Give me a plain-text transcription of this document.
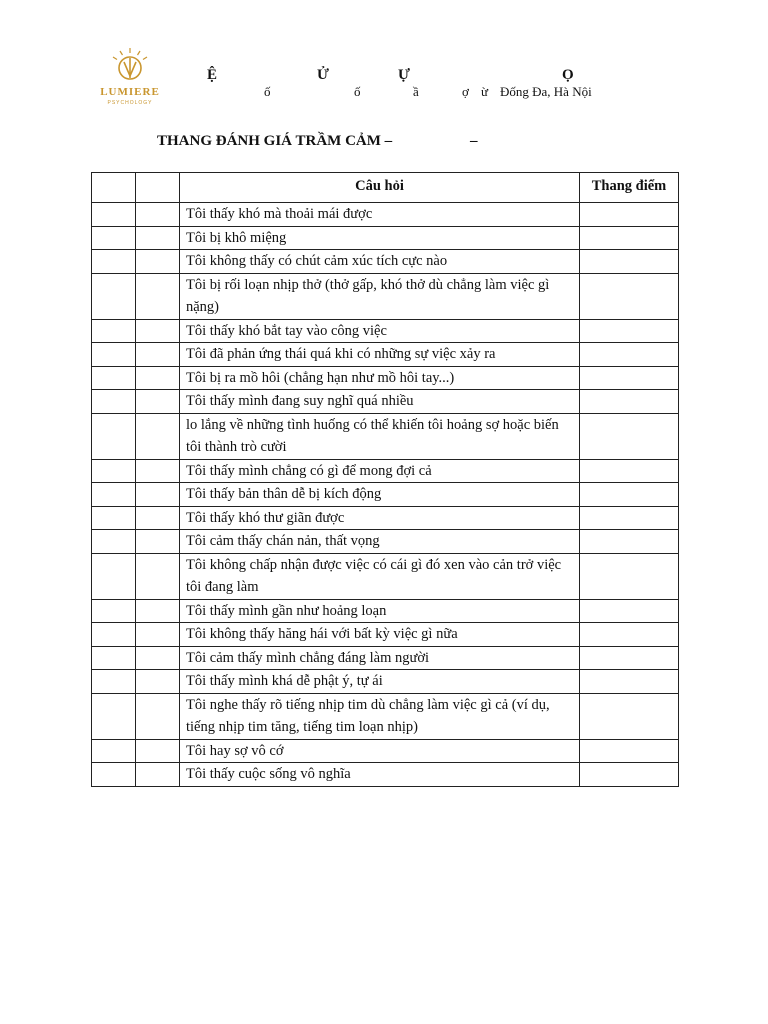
LUMIERE
PSYCHOLOGY
Ệ	Ử	Ự	Ọ
ố	ố	ầ	ợ ừ Đống Đa, Hà Nội
THANG ĐÁNH GIÁ TRẦM CẢM –	–
		Câu hỏi	Thang điểm
		Tôi thấy khó mà thoải mái được	
		Tôi bị khô miệng	
		Tôi không thấy có chút cảm xúc tích cực nào	
		Tôi bị rối loạn nhịp thở (thở gấp, khó thở dù chẳng làm việc gì nặng)	
		Tôi thấy khó bắt tay vào công việc	
		Tôi đã phản ứng thái quá khi có những sự việc xảy ra	
		Tôi bị ra mồ hôi (chẳng hạn như mồ hôi tay...)	
		Tôi thấy mình đang suy nghĩ quá nhiều	
		lo lắng về những tình huống có thể khiến tôi hoảng sợ hoặc biến tôi thành trò cười	
		Tôi thấy mình chẳng có gì để mong đợi cả	
		Tôi thấy bản thân dễ bị kích động	
		Tôi thấy khó thư giãn được	
		Tôi cảm thấy chán nản, thất vọng	
		Tôi không chấp nhận được việc có cái gì đó xen vào cản trở việc tôi đang làm	
		Tôi thấy mình gần như hoảng loạn	
		Tôi không thấy hăng hái với bất kỳ việc gì nữa	
		Tôi cảm thấy mình chẳng đáng làm người	
		Tôi thấy mình khá dễ phật ý, tự ái	
		Tôi nghe thấy rõ tiếng nhịp tim dù chẳng làm việc gì cả (ví dụ, tiếng nhịp tim tăng, tiếng tim loạn nhịp)	
		Tôi hay sợ vô cớ	
		Tôi thấy cuộc sống vô nghĩa	
